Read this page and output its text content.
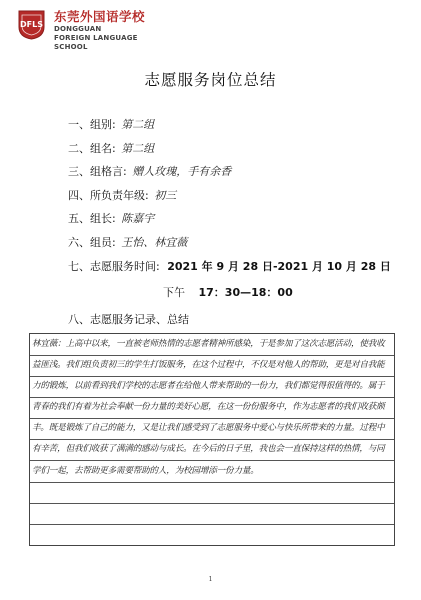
DFLS
东莞外国语学校
DONGGUAN
FOREIGN LANGUAGE
SCHOOL
志愿服务岗位总结
一、组别: 第二组
二、组名: 第二组
三、组格言: 赠人玫瑰，手有余香
四、所负责年级: 初三
五、组长: 陈嘉宇
六、组员: 王怡、林宜薇
七、志愿服务时间: 2021 年 9 月 28 日-2021 月 10 月 28 日
下午 17：30—18：00
八、志愿服务记录、总结
林宜薇：上高中以来，一直被老师热情的志愿者精神所感染，于是参加了这次志愿活动，使我收益匪浅。我们组负责初三的学生打饭服务，在这个过程中，不仅是对他人的帮助，更是对自我能力的锻炼，以前看到我们学校的志愿者在给他人带来帮助的一份力，我们都觉得很值得的。属于青春的我们有着为社会奉献一份力量的美好心愿，在这一份份服务中，作为志愿者的我们收获颇丰。既是锻炼了自己的能力，又是让我们感受到了志愿服务中爱心与快乐所带来的力量。过程中有辛苦，但我们收获了满满的感动与成长。在今后的日子里，我也会一直保持这样的热情，与同学们一起，去帮助更多需要帮助的人，为校园增添一份力量。
1
